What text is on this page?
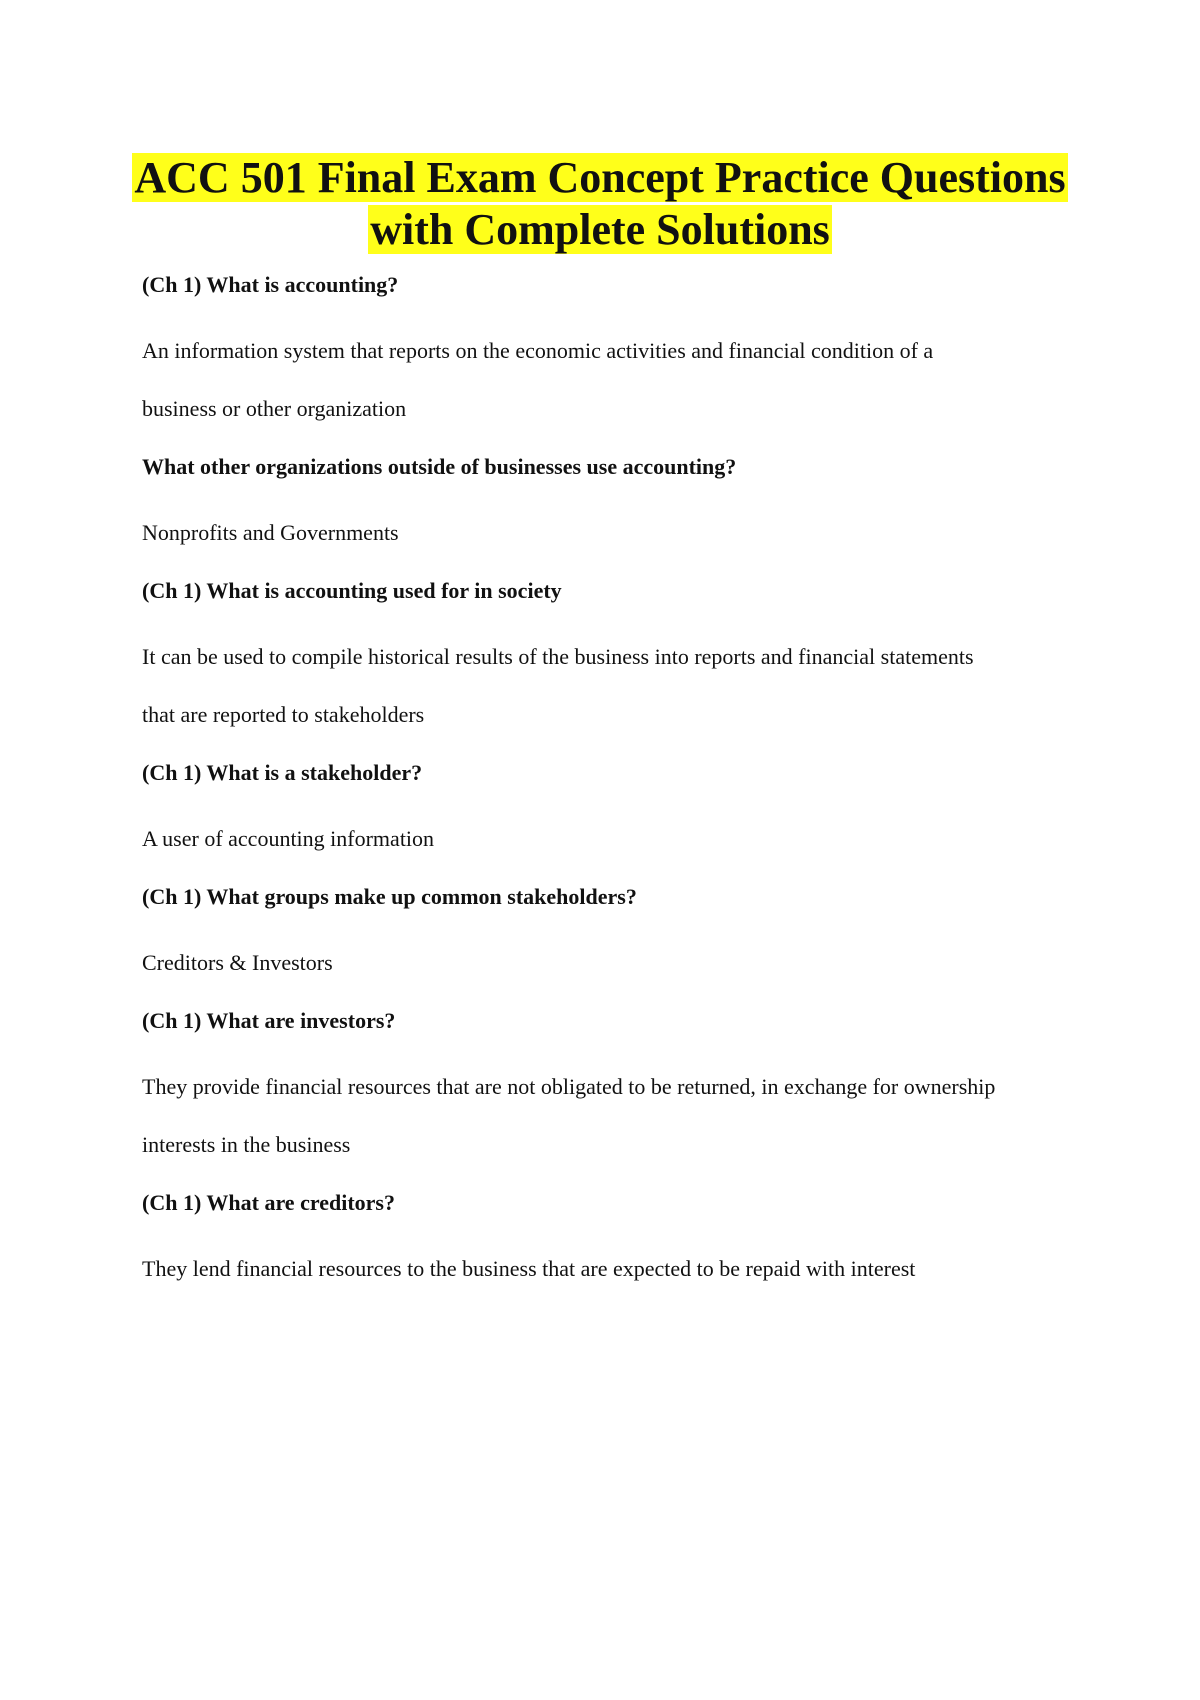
ACC 501 Final Exam Concept Practice Questions
with Complete Solutions

(Ch 1) What is accounting?

An information system that reports on the economic activities and financial condition of a

business or other organization

What other organizations outside of businesses use accounting?

Nonprofits and Governments

(Ch 1) What is accounting used for in society

It can be used to compile historical results of the business into reports and financial statements

that are reported to stakeholders

(Ch 1) What is a stakeholder?

A user of accounting information

(Ch 1) What groups make up common stakeholders?

Creditors & Investors

(Ch 1) What are investors?

They provide financial resources that are not obligated to be returned, in exchange for ownership

interests in the business

(Ch 1) What are creditors?

They lend financial resources to the business that are expected to be repaid with interest
